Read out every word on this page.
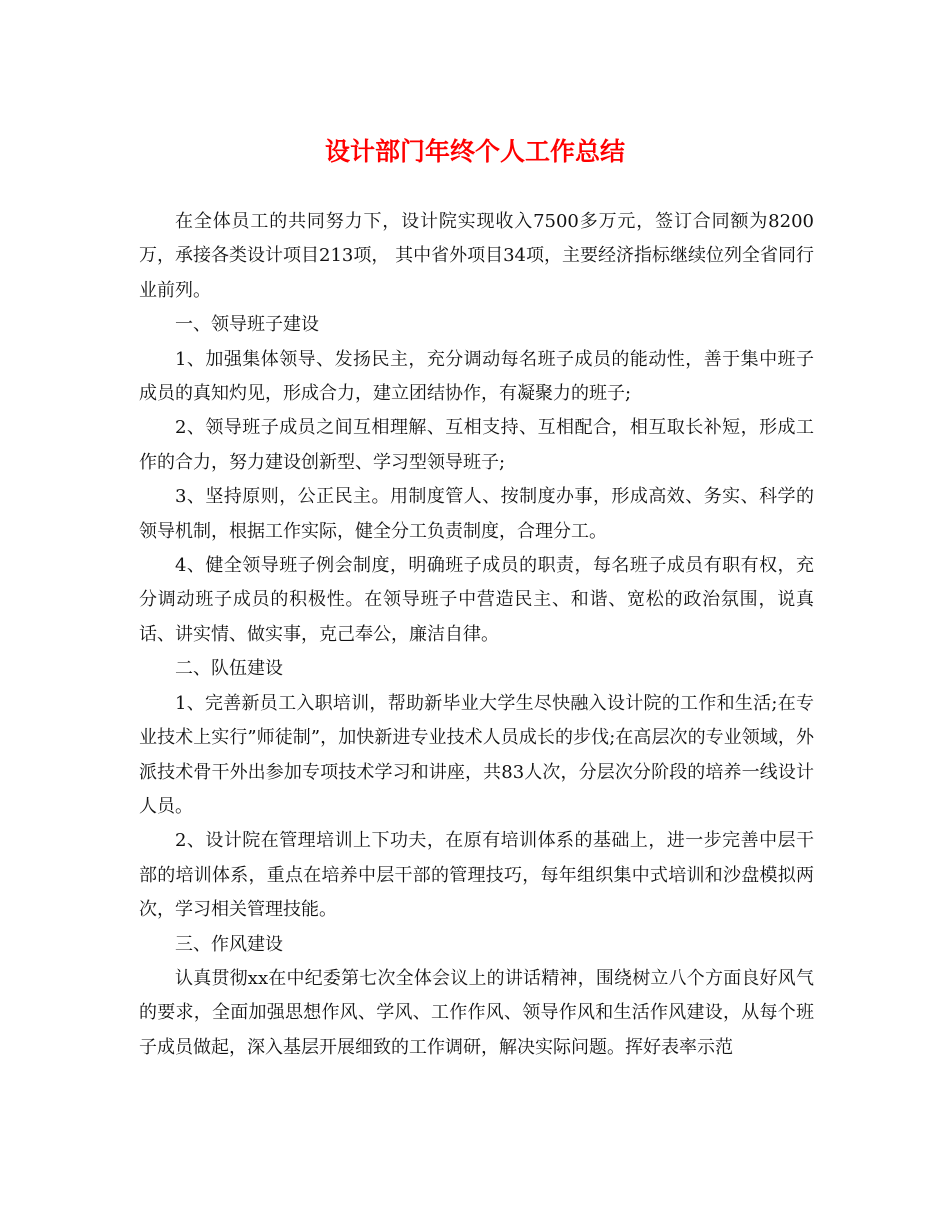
设计部门年终个人工作总结

在全体员工的共同努力下，设计院实现收入7500多万元，签订合同额为8200万，承接各类设计项目213项， 其中省外项目34项，主要经济指标继续位列全省同行业前列。

一、领导班子建设

1、加强集体领导、发扬民主，充分调动每名班子成员的能动性，善于集中班子成员的真知灼见，形成合力，建立团结协作，有凝聚力的班子;

2、领导班子成员之间互相理解、互相支持、互相配合，相互取长补短，形成工作的合力，努力建设创新型、学习型领导班子;

3、坚持原则，公正民主。用制度管人、按制度办事，形成高效、务实、科学的领导机制，根据工作实际，健全分工负责制度，合理分工。

4、健全领导班子例会制度，明确班子成员的职责，每名班子成员有职有权，充分调动班子成员的积极性。在领导班子中营造民主、和谐、宽松的政治氛围，说真话、讲实情、做实事，克己奉公，廉洁自律。

二、队伍建设

1、完善新员工入职培训，帮助新毕业大学生尽快融入设计院的工作和生活;在专业技术上实行”师徒制”，加快新进专业技术人员成长的步伐;在高层次的专业领域，外派技术骨干外出参加专项技术学习和讲座，共83人次，分层次分阶段的培养一线设计人员。

2、设计院在管理培训上下功夫，在原有培训体系的基础上，进一步完善中层干部的培训体系，重点在培养中层干部的管理技巧，每年组织集中式培训和沙盘模拟两次，学习相关管理技能。

三、作风建设

认真贯彻xx在中纪委第七次全体会议上的讲话精神，围绕树立八个方面良好风气的要求，全面加强思想作风、学风、工作作风、领导作风和生活作风建设，从每个班子成员做起，深入基层开展细致的工作调研，解决实际问题。挥好表率示范
